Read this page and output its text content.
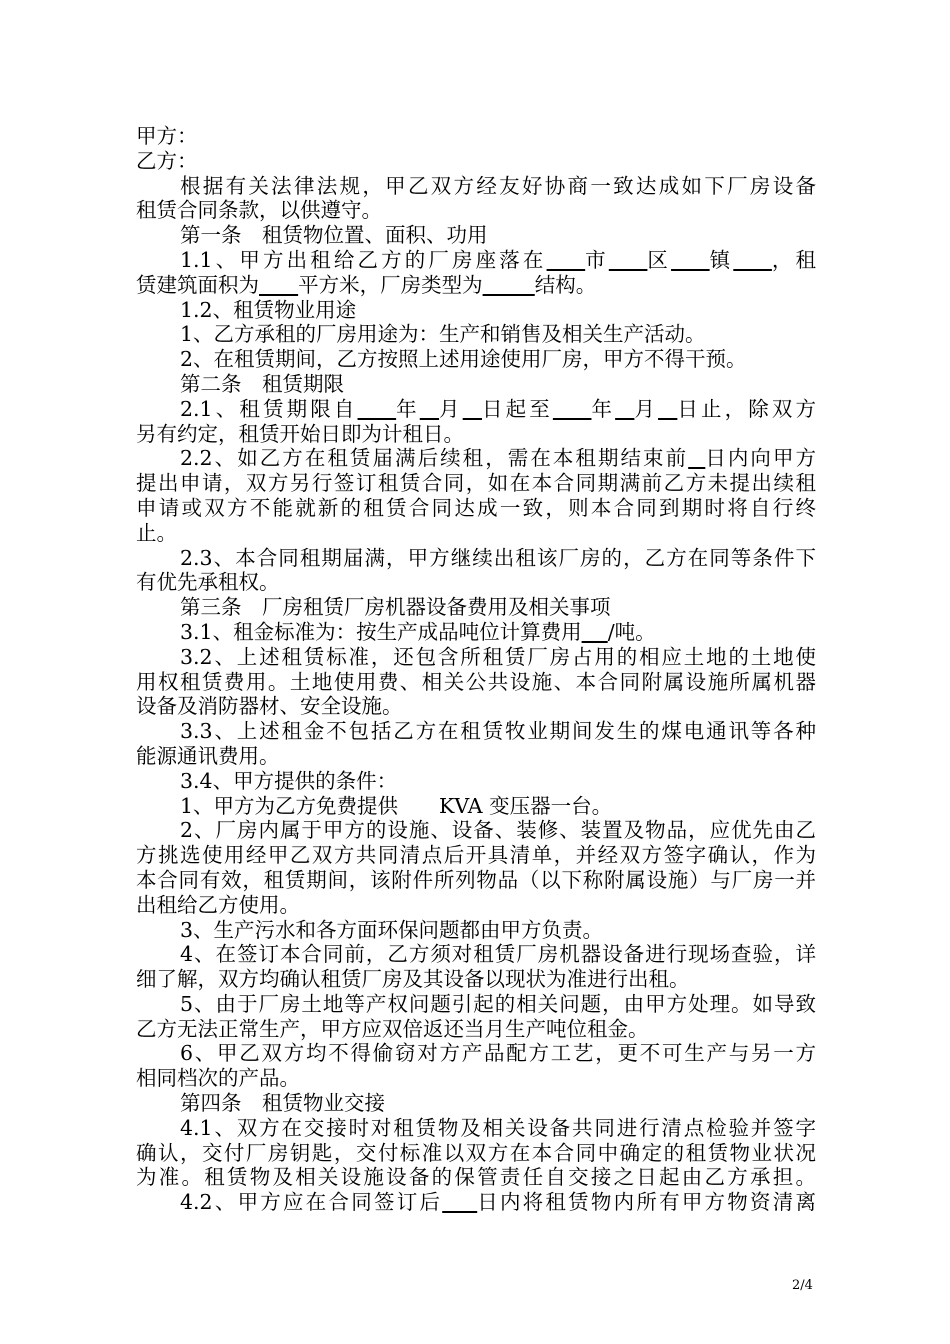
甲方：
乙方：
根据有关法律法规，甲乙双方经友好协商一致达成如下厂房设备
租赁合同条款，以供遵守。
第一条　租赁物位置、面积、功用
1.1、甲方出租给乙方的厂房座落在 市 区 镇 ，租
赁建筑面积为 平方米，厂房类型为	结构。
1.2、租赁物业用途
1、乙方承租的厂房用途为：生产和销售及相关生产活动。
2、在租赁期间，乙方按照上述用途使用厂房，甲方不得干预。
第二条　租赁期限
2.1、租赁期限自 年 月 日起至 年 月 日止，除双方
另有约定，租赁开始日即为计租日。
2.2、如乙方在租赁届满后续租，需在本租期结束前 日内向甲方
提出申请，双方另行签订租赁合同，如在本合同期满前乙方未提出续租
申请或双方不能就新的租赁合同达成一致，则本合同到期时将自行终
止。
2.3、本合同租期届满，甲方继续出租该厂房的，乙方在同等条件下
有优先承租权。
第三条　厂房租赁厂房机器设备费用及相关事项
3.1、租金标准为：按生产成品吨位计算费用 /吨。
3.2、上述租赁标准，还包含所租赁厂房占用的相应土地的土地使
用权租赁费用。土地使用费、相关公共设施、本合同附属设施所属机器
设备及消防器材、安全设施。
3.3、上述租金不包括乙方在租赁牧业期间发生的煤电通讯等各种
能源通讯费用。
3.4、甲方提供的条件：
1、甲方为乙方免费提供　　KVA 变压器一台。
2、厂房内属于甲方的设施、设备、装修、装置及物品，应优先由乙
方挑选使用经甲乙双方共同清点后开具清单，并经双方签字确认，作为
本合同有效，租赁期间，该附件所列物品（以下称附属设施）与厂房一并
出租给乙方使用。
3、生产污水和各方面环保问题都由甲方负责。
4、在签订本合同前，乙方须对租赁厂房机器设备进行现场查验，详
细了解，双方均确认租赁厂房及其设备以现状为准进行出租。
5、由于厂房土地等产权问题引起的相关问题，由甲方处理。如导致
乙方无法正常生产，甲方应双倍返还当月生产吨位租金。
6、甲乙双方均不得偷窃对方产品配方工艺，更不可生产与另一方
相同档次的产品。
第四条　租赁物业交接
4.1、双方在交接时对租赁物及相关设备共同进行清点检验并签字
确认，交付厂房钥匙，交付标准以双方在本合同中确定的租赁物业状况
为准。租赁物及相关设施设备的保管责任自交接之日起由乙方承担。
4.2、甲方应在合同签订后 日内将租赁物内所有甲方物资清离
2/4
